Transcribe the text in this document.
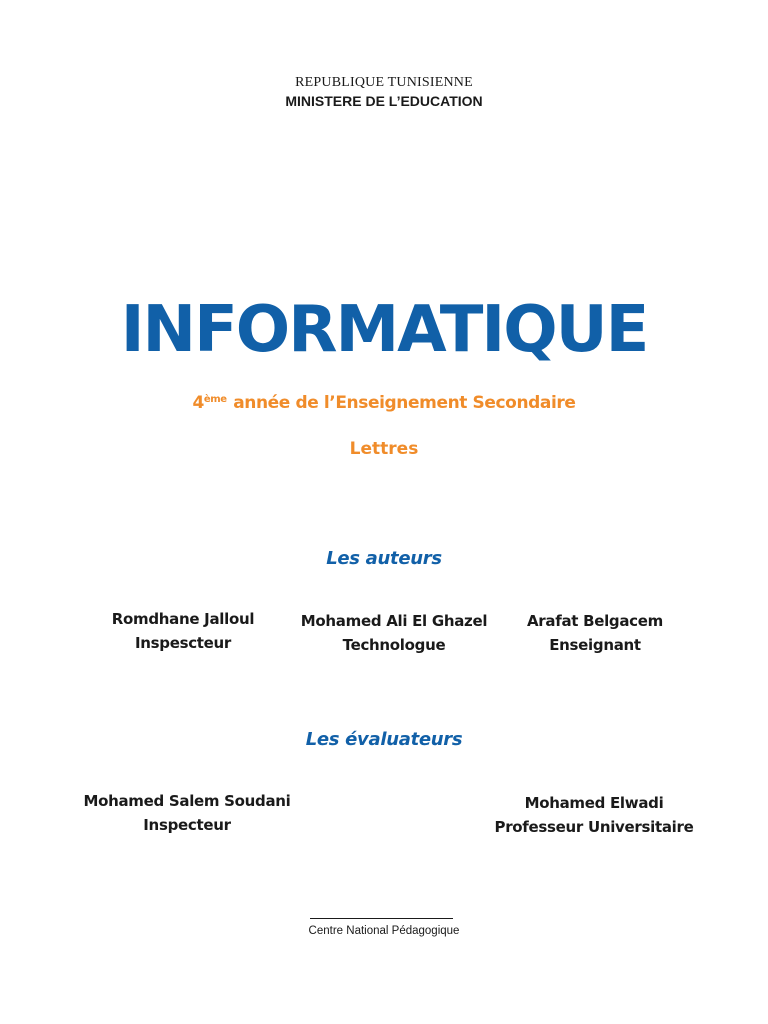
REPUBLIQUE TUNISIENNE
MINISTERE DE L’EDUCATION
INFORMATIQUE
4ème année de l’Enseignement Secondaire
Lettres
Les auteurs
Romdhane Jalloul
Inspescteur
Mohamed Ali El Ghazel
Technologue
Arafat Belgacem
Enseignant
Les évaluateurs
Mohamed Salem Soudani
Inspecteur
Mohamed Elwadi
Professeur Universitaire
Centre National Pédagogique
